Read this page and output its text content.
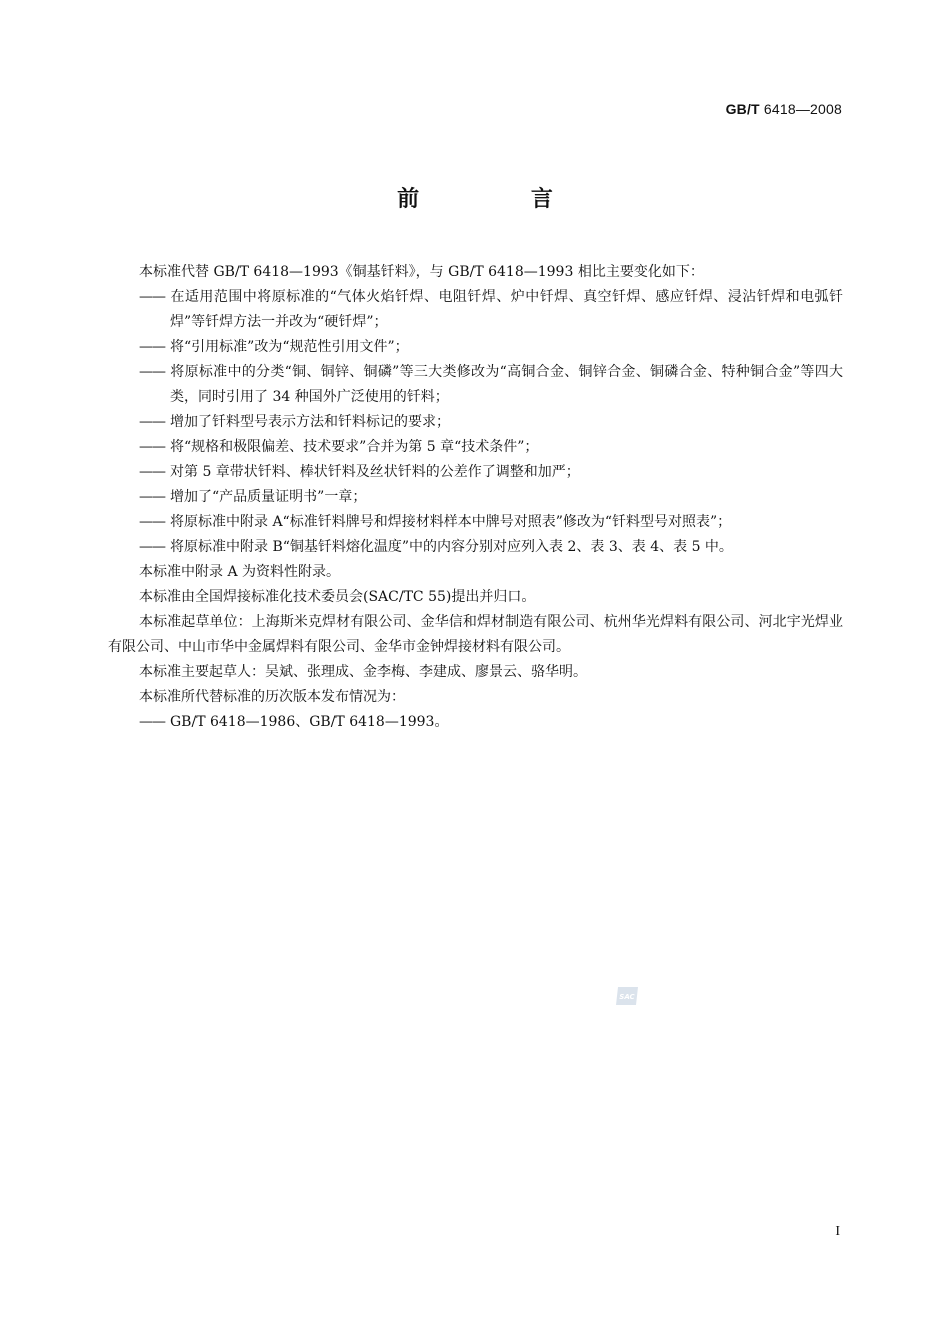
GB/T 6418—2008
前 言
本标准代替 GB/T 6418—1993《铜基钎料》，与 GB/T 6418—1993 相比主要变化如下：
—— 在适用范围中将原标准的“气体火焰钎焊、电阻钎焊、炉中钎焊、真空钎焊、感应钎焊、浸沾钎焊和电弧钎焊”等钎焊方法一并改为“硬钎焊”；
—— 将“引用标准”改为“规范性引用文件”；
—— 将原标准中的分类“铜、铜锌、铜磷”等三大类修改为“高铜合金、铜锌合金、铜磷合金、特种铜合金”等四大类，同时引用了 34 种国外广泛使用的钎料；
—— 增加了钎料型号表示方法和钎料标记的要求；
—— 将“规格和极限偏差、技术要求”合并为第 5 章“技术条件”；
—— 对第 5 章带状钎料、棒状钎料及丝状钎料的公差作了调整和加严；
—— 增加了“产品质量证明书”一章；
—— 将原标准中附录 A“标准钎料牌号和焊接材料样本中牌号对照表”修改为“钎料型号对照表”；
—— 将原标准中附录 B“铜基钎料熔化温度”中的内容分别对应列入表 2、表 3、表 4、表 5 中。
本标准中附录 A 为资料性附录。
本标准由全国焊接标准化技术委员会(SAC/TC 55)提出并归口。
本标准起草单位：上海斯米克焊材有限公司、金华信和焊材制造有限公司、杭州华光焊料有限公司、河北宇光焊业有限公司、中山市华中金属焊料有限公司、金华市金钟焊接材料有限公司。
本标准主要起草人：吴斌、张理成、金李梅、李建成、廖景云、骆华明。
本标准所代替标准的历次版本发布情况为：
—— GB/T 6418—1986、GB/T 6418—1993。
SAC
I
